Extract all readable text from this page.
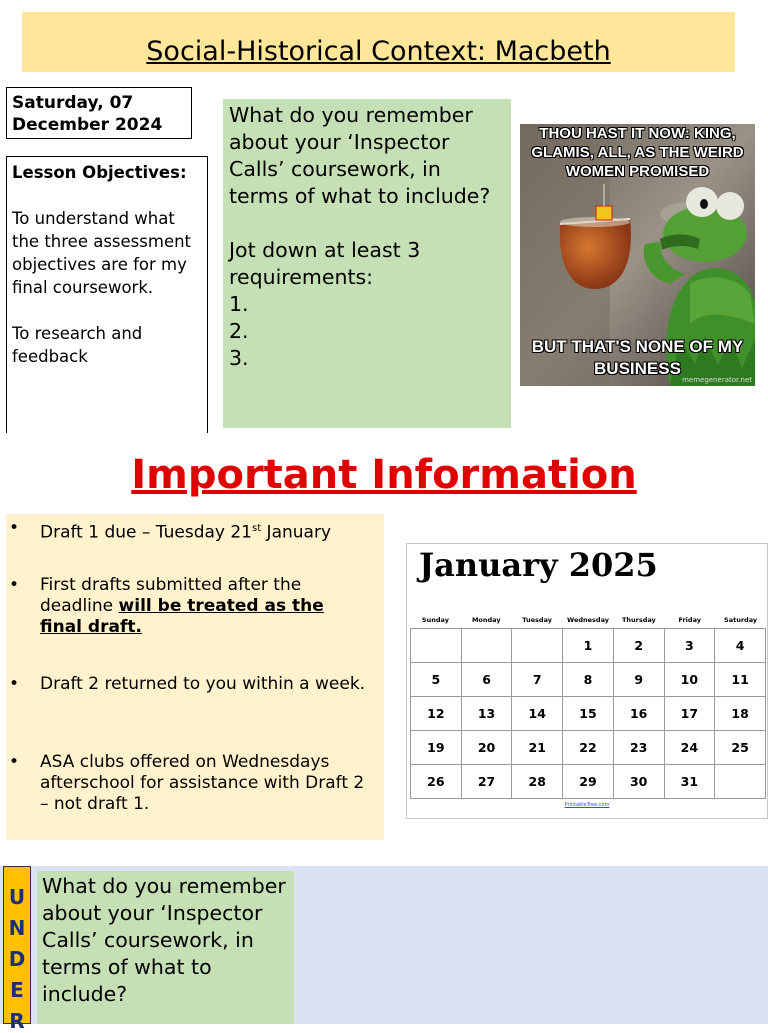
Social-Historical Context: Macbeth
Saturday, 07 December 2024
Lesson Objectives:

To understand what the three assessment objectives are for my final coursework.

To research and feedback

What do you remember about your ‘Inspector Calls’ coursework, in terms of what to include?

Jot down at least 3 requirements:

1.

2.

3.

THOU HAST IT NOW: KING, GLAMIS, ALL, AS THE WEIRD WOMEN PROMISED
BUT THAT'S NONE OF MY BUSINESS
memegenerator.net
Important Information
• Draft 1 due – Tuesday 21st January
• First drafts submitted after the deadline will be treated as the final draft.
• Draft 2 returned to you within a week.
• ASA clubs offered on Wednesdays afterschool for assistance with Draft 2 – not draft 1.
January 2025
Sunday	Monday	Tuesday	Wednesday	Thursday	Friday	Saturday
			1	2	3	4
5	6	7	8	9	10	11
12	13	14	15	16	17	18
19	20	21	22	23	24	25
26	27	28	29	30	31	
PrintableTree.com
U
N
D
E
R
What do you remember about your ‘Inspector Calls’ coursework, in terms of what to include?
